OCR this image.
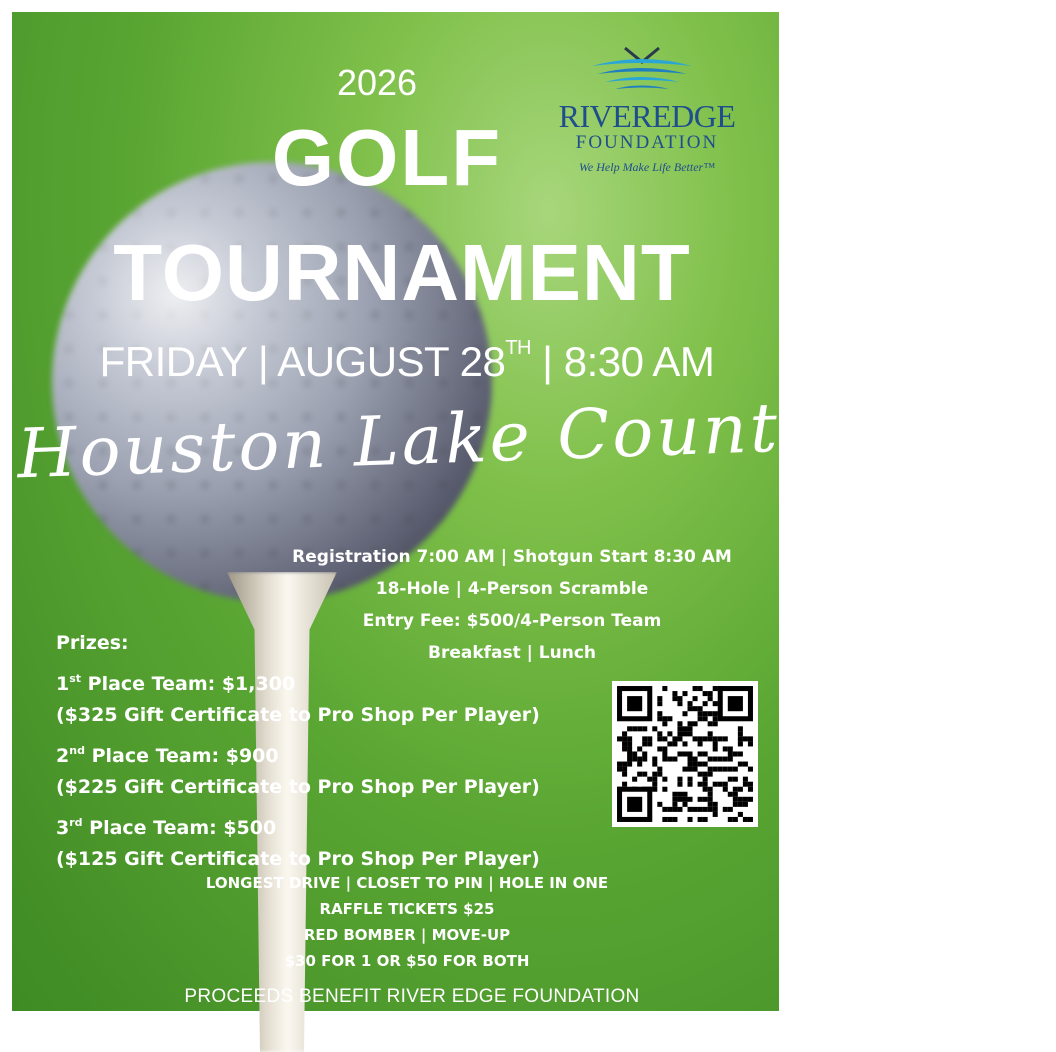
2026

GOLF

TOURNAMENT

FRIDAY | AUGUST 28TH | 8:30 AM

Houston Lake Country Club

RIVEREDGE

FOUNDATION

We Help Make Life Better™

Registration 7:00 AM | Shotgun Start 8:30 AM

18-Hole | 4-Person Scramble

Entry Fee: $500/4-Person Team

Breakfast | Lunch

Prizes:
1st Place Team: $1,300
($325 Gift Certificate to Pro Shop Per Player)
2nd Place Team: $900
($225 Gift Certificate to Pro Shop Per Player)
3rd Place Team: $500
($125 Gift Certificate to Pro Shop Per Player)

LONGEST DRIVE | CLOSET TO PIN | HOLE IN ONE

RAFFLE TICKETS $25

RED BOMBER | MOVE-UP

$30 FOR 1 OR $50 FOR BOTH

PROCEEDS BENEFIT RIVER EDGE FOUNDATION
